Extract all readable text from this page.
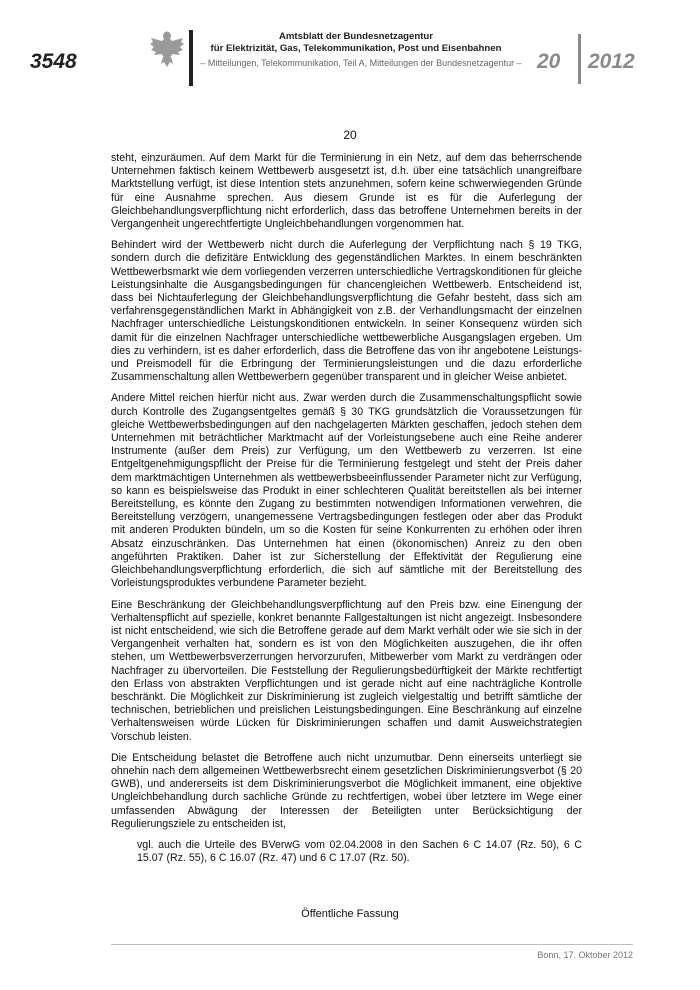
3548
Amtsblatt der Bundesnetzagentur
für Elektrizität, Gas, Telekommunikation, Post und Eisenbahnen
– Mitteilungen, Telekommunikation, Teil A, Mitteilungen der Bundesnetzagentur – 20 2012
20

steht, einzuräumen. Auf dem Markt für die Terminierung in ein Netz, auf dem das beherrschende Unternehmen faktisch keinem Wettbewerb ausgesetzt ist, d.h. über eine tatsächlich unangreifbare Marktstellung verfügt, ist diese Intention stets anzunehmen, sofern keine schwerwiegenden Gründe für eine Ausnahme sprechen. Aus diesem Grunde ist es für die Auferlegung der Gleichbehandlungsverpflichtung nicht erforderlich, dass das betroffene Unternehmen bereits in der Vergangenheit ungerechtfertigte Ungleichbehandlungen vorgenommen hat.

Behindert wird der Wettbewerb nicht durch die Auferlegung der Verpflichtung nach § 19 TKG, sondern durch die defizitäre Entwicklung des gegenständlichen Marktes. In einem beschränkten Wettbewerbsmarkt wie dem vorliegenden verzerren unterschiedliche Vertragskonditionen für gleiche Leistungsinhalte die Ausgangsbedingungen für chancengleichen Wettbewerb. Entscheidend ist, dass bei Nichtauferlegung der Gleichbehandlungsverpflichtung die Gefahr besteht, dass sich am verfahrensgegenständlichen Markt in Abhängigkeit von z.B. der Verhandlungsmacht der einzelnen Nachfrager unterschiedliche Leistungskonditionen entwickeln. In seiner Konsequenz würden sich damit für die einzelnen Nachfrager unterschiedliche wettbewerbliche Ausgangslagen ergeben. Um dies zu verhindern, ist es daher erforderlich, dass die Betroffene das von ihr angebotene Leistungs- und Preismodell für die Erbringung der Terminierungsleistungen und die dazu erforderliche Zusammenschaltung allen Wettbewerbern gegenüber transparent und in gleicher Weise anbietet.

Andere Mittel reichen hierfür nicht aus. Zwar werden durch die Zusammenschaltungspflicht sowie durch Kontrolle des Zugangsentgeltes gemäß § 30 TKG grundsätzlich die Voraussetzungen für gleiche Wettbewerbsbedingungen auf den nachgelagerten Märkten geschaffen, jedoch stehen dem Unternehmen mit beträchtlicher Marktmacht auf der Vorleistungsebene auch eine Reihe anderer Instrumente (außer dem Preis) zur Verfügung, um den Wettbewerb zu verzerren. Ist eine Entgeltgenehmigungspflicht der Preise für die Terminierung festgelegt und steht der Preis daher dem marktmächtigen Unternehmen als wettbewerbsbeeinflussender Parameter nicht zur Verfügung, so kann es beispielsweise das Produkt in einer schlechteren Qualität bereitstellen als bei interner Bereitstellung, es könnte den Zugang zu bestimmten notwendigen Informationen verwehren, die Bereitstellung verzögern, unangemessene Vertragsbedingungen festlegen oder aber das Produkt mit anderen Produkten bündeln, um so die Kosten für seine Konkurrenten zu erhöhen oder ihren Absatz einzuschränken. Das Unternehmen hat einen (ökonomischen) Anreiz zu den oben angeführten Praktiken. Daher ist zur Sicherstellung der Effektivität der Regulierung eine Gleichbehandlungsverpflichtung erforderlich, die sich auf sämtliche mit der Bereitstellung des Vorleistungsproduktes verbundene Parameter bezieht.

Eine Beschränkung der Gleichbehandlungsverpflichtung auf den Preis bzw. eine Einengung der Verhaltenspflicht auf spezielle, konkret benannte Fallgestaltungen ist nicht angezeigt. Insbesondere ist nicht entscheidend, wie sich die Betroffene gerade auf dem Markt verhält oder wie sie sich in der Vergangenheit verhalten hat, sondern es ist von den Möglichkeiten auszugehen, die ihr offen stehen, um Wettbewerbsverzerrungen hervorzurufen, Mitbewerber vom Markt zu verdrängen oder Nachfrager zu übervorteilen. Die Feststellung der Regulierungsbedürftigkeit der Märkte rechtfertigt den Erlass von abstrakten Verpflichtungen und ist gerade nicht auf eine nachträgliche Kontrolle beschränkt. Die Möglichkeit zur Diskriminierung ist zugleich vielgestaltig und betrifft sämtliche der technischen, betrieblichen und preislichen Leistungsbedingungen. Eine Beschränkung auf einzelne Verhaltensweisen würde Lücken für Diskriminierungen schaffen und damit Ausweichstrategien Vorschub leisten.

Die Entscheidung belastet die Betroffene auch nicht unzumutbar. Denn einerseits unterliegt sie ohnehin nach dem allgemeinen Wettbewerbsrecht einem gesetzlichen Diskriminierungsverbot (§ 20 GWB), und andererseits ist dem Diskriminierungsverbot die Möglichkeit immanent, eine objektive Ungleichbehandlung durch sachliche Gründe zu rechtfertigen, wobei über letztere im Wege einer umfassenden Abwägung der Interessen der Beteiligten unter Berücksichtigung der Regulierungsziele zu entscheiden ist,

vgl. auch die Urteile des BVerwG vom 02.04.2008 in den Sachen 6 C 14.07 (Rz. 50), 6 C 15.07 (Rz. 55), 6 C 16.07 (Rz. 47) und 6 C 17.07 (Rz. 50).

Öffentliche Fassung
Bonn, 17. Oktober 2012
